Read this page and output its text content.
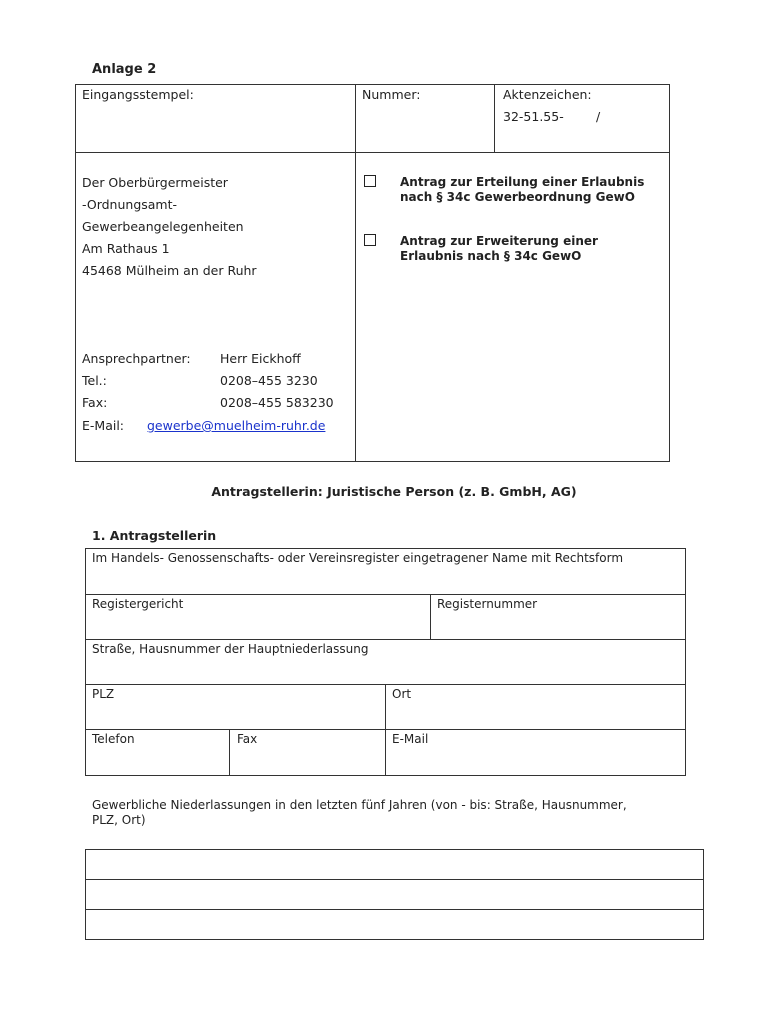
Anlage 2
Eingangsstempel:	Nummer:	Aktenzeichen:
32-51.55-	/
Der Oberbürgermeister
-Ordnungsamt-
Gewerbeangelegenheiten
Am Rathaus 1
45468 Mülheim an der Ruhr
Ansprechpartner: Herr Eickhoff
Tel.:	0208–455 3230
Fax:	0208–455 583230
E-Mail: gewerbe@muelheim-ruhr.de
Antrag zur Erteilung einer Erlaubnis
nach § 34c Gewerbeordnung GewO
Antrag zur Erweiterung einer
Erlaubnis nach § 34c GewO
Antragstellerin: Juristische Person (z. B. GmbH, AG)
1. Antragstellerin
Im Handels- Genossenschafts- oder Vereinsregister eingetragener Name mit Rechtsform
Registergericht	Registernummer
Straße, Hausnummer der Hauptniederlassung
PLZ	Ort
Telefon	Fax	E-Mail
Gewerbliche Niederlassungen in den letzten fünf Jahren (von - bis: Straße, Hausnummer,
PLZ, Ort)
